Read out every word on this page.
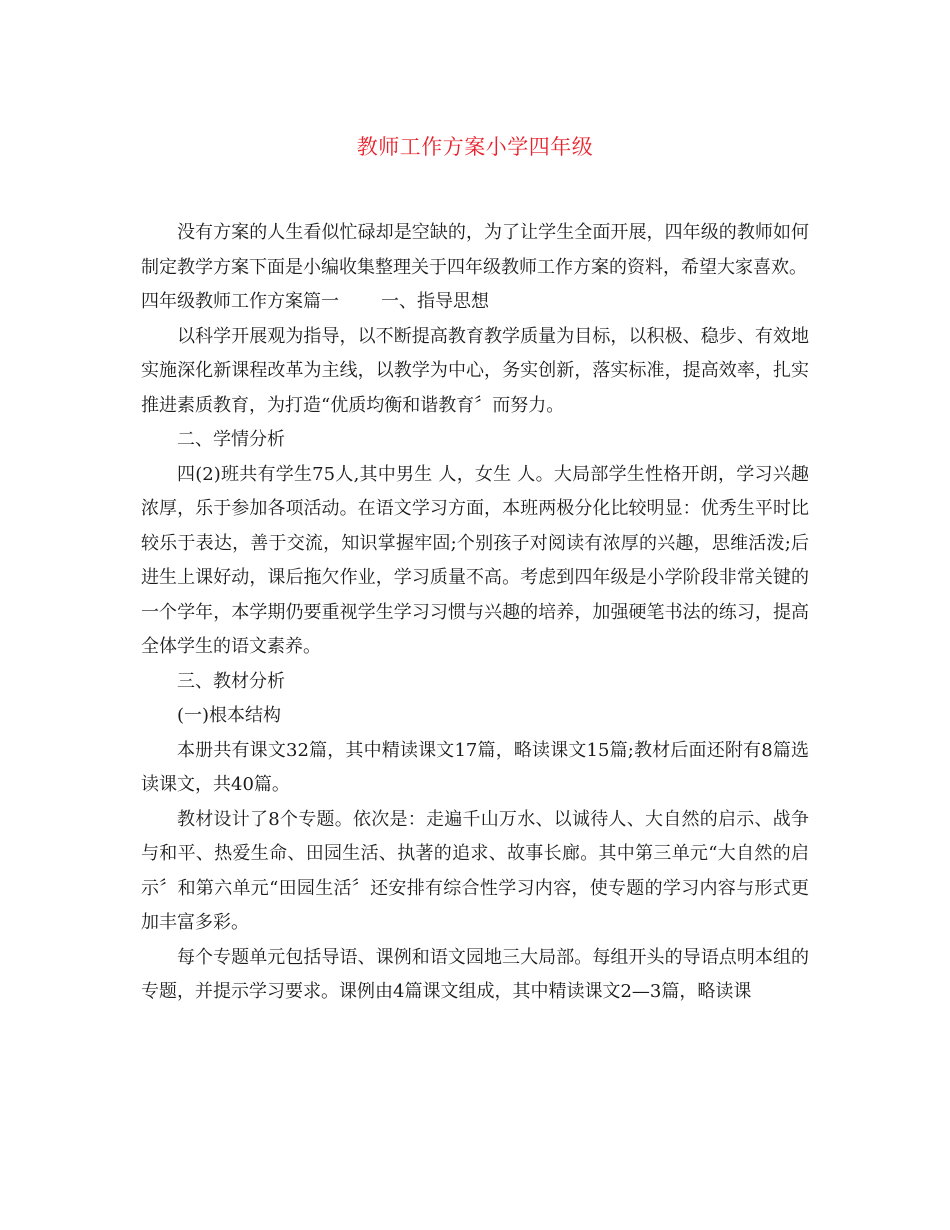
教师工作方案小学四年级

没有方案的人生看似忙碌却是空缺的，为了让学生全面开展，四年级的教师如何制定教学方案下面是小编收集整理关于四年级教师工作方案的资料，希望大家喜欢。

四年级教师工作方案篇一	一、指导思想

以科学开展观为指导，以不断提高教育教学质量为目标，以积极、稳步、有效地实施深化新课程改革为主线，以教学为中心，务实创新，落实标准，提高效率，扎实推进素质教育，为打造“优质均衡和谐教育〞而努力。

二、学情分析

四(2)班共有学生75人,其中男生 人，女生 人。大局部学生性格开朗，学习兴趣浓厚，乐于参加各项活动。在语文学习方面，本班两极分化比较明显：优秀生平时比较乐于表达，善于交流，知识掌握牢固;个别孩子对阅读有浓厚的兴趣，思维活泼;后进生上课好动，课后拖欠作业，学习质量不高。考虑到四年级是小学阶段非常关键的一个学年，本学期仍要重视学生学习习惯与兴趣的培养，加强硬笔书法的练习，提高全体学生的语文素养。

三、教材分析

(一)根本结构

本册共有课文32篇，其中精读课文17篇，略读课文15篇;教材后面还附有8篇选读课文，共40篇。

教材设计了8个专题。依次是：走遍千山万水、以诚待人、大自然的启示、战争与和平、热爱生命、田园生活、执著的追求、故事长廊。其中第三单元“大自然的启示〞和第六单元“田园生活〞还安排有综合性学习内容，使专题的学习内容与形式更加丰富多彩。

每个专题单元包括导语、课例和语文园地三大局部。每组开头的导语点明本组的专题，并提示学习要求。课例由4篇课文组成，其中精读课文2—3篇，略读课
